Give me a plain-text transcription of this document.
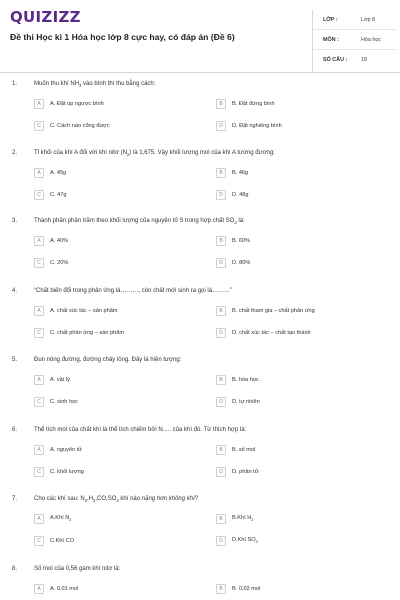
QUIZIZZ
Đề thi Học kì 1 Hóa học lớp 8 cực hay, có đáp án (Đề 6)
LỚP :	Lớp 8
MÔN :	Hóa học
SỐ CÂU :	18
1.	Muốn thu khí $NH_3$ vào bình thì thu bằng cách:
A	A. Đặt úp ngược bình	B	B. Đặt đứng bình
C	C. Cách nào cũng được	D	D. Đặt nghiêng bình
2.	Tỉ khối của khí A đối với khí nitơ $(N_2)$ là 1,675. Vậy khối lượng mol của khí A tương đương:
A	A. 45g	B	B. 46g
C	C. 47g	D	D. 48g
3.	Thành phần phần trăm theo khối lượng của nguyên tố S trong hợp chất $SO_3$ là:
A	A. 40%	B	B. 60%
C	C. 20%	D	D. 80%
4.	“Chất biến đổi trong phản ứng là………, còn chất mới sinh ra gọi là………”
A	A. chất xúc tác – sản phẩm	B	B. chất tham gia – chất phản ứng
C	C. chất phản ứng – sản phẩm	D	D. chất xúc tác – chất tạo thành
5.	Đun nóng đường, đường chảy lỏng. Đây là hiện tượng:
A	A. vật lý	B	B. hóa học
C	C. sinh học	D	D. tự nhiên
6.	Thể tích mol của chất khí là thể tích chiếm bởi N..... của khí đó. Từ thích hợp là:
A	A. nguyên tử	B	B. số mol
C	C. khối lượng	D	D. phân tử
7.	Cho các khí sau: $N_2,H_2,CO,SO_2$ khí nào nặng hơn không khí?
A	A.Khí $N_2$	B	B.Khí $H_2$
C	C.Khí CO	D	D.Khí $SO_2$
8.	Số mol của 0,56 gam khí nitơ là:
A	A. 0,01 mol	B	B. 0,02 mol
